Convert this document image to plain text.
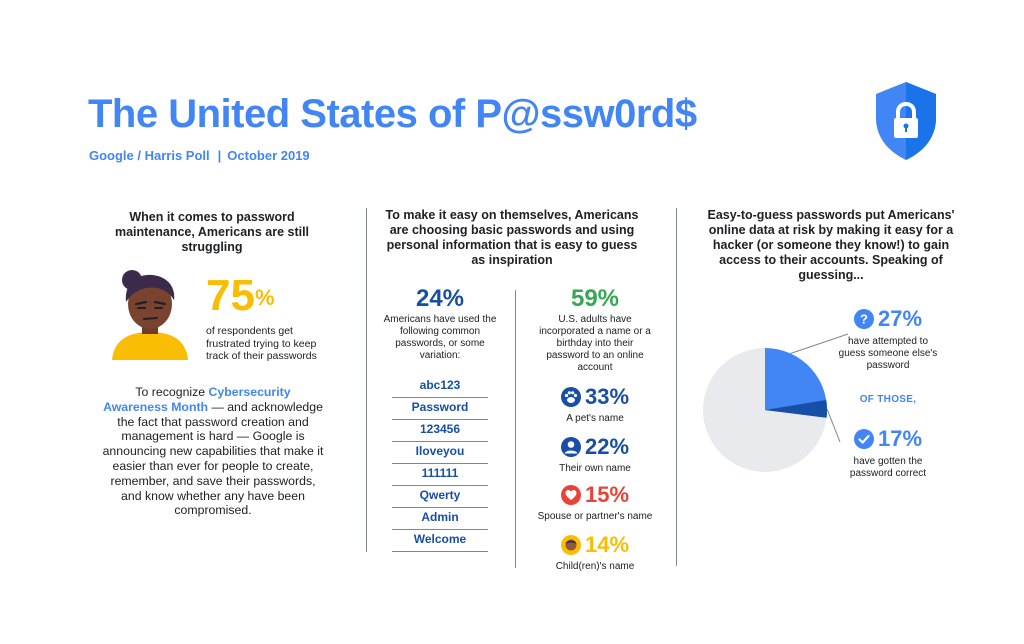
The United States of P@ssw0rd$
Google / Harris Poll | October 2019
When it comes to password maintenance, Americans are still struggling
75%
of respondents get frustrated trying to keep track of their passwords
To recognize Cybersecurity Awareness Month — and acknowledge the fact that password creation and management is hard — Google is announcing new capabilities that make it easier than ever for people to create, remember, and save their passwords, and know whether any have been compromised.
To make it easy on themselves, Americans are choosing basic passwords and using personal information that is easy to guess as inspiration
24%
Americans have used the following common passwords, or some variation:
abc123
Password
123456
Iloveyou
111111
Qwerty
Admin
Welcome
59%
U.S. adults have incorporated a name or a birthday into their password to an online account
33%
A pet's name
22%
Their own name
15%
Spouse or partner's name
14%
Child(ren)'s name
Easy-to-guess passwords put Americans' online data at risk by making it easy for a hacker (or someone they know!) to gain access to their accounts. Speaking of guessing...
? 27%
have attempted to guess someone else's password
OF THOSE,
17%
have gotten the password correct
